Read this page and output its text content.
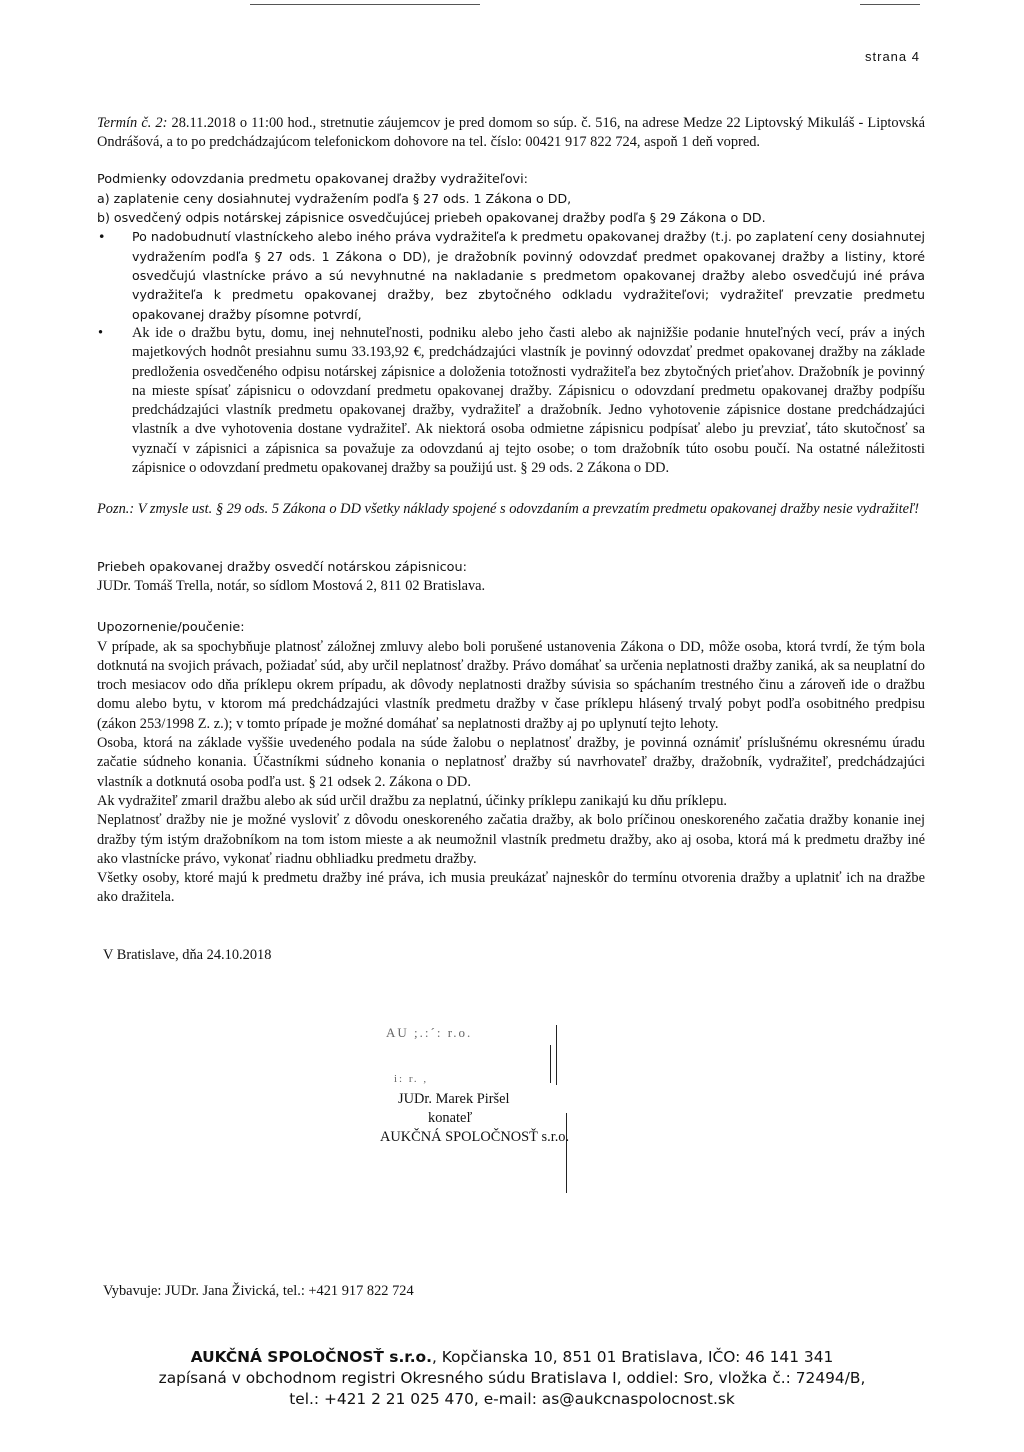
strana 4

Termín č. 2: 28.11.2018 o 11:00 hod., stretnutie záujemcov je pred domom so súp. č. 516, na adrese Medze 22 Liptovský Mikuláš - Liptovská Ondrášová, a to po predchádzajúcom telefonickom dohovore na tel. číslo: 00421 917 822 724, aspoň 1 deň vopred.

Podmienky odovzdania predmetu opakovanej dražby vydražiteľovi:

a) zaplatenie ceny dosiahnutej vydražením podľa § 27 ods. 1 Zákona o DD,

b) osvedčený odpis notárskej zápisnice osvedčujúcej priebeh opakovanej dražby podľa § 29 Zákona o DD.

• Po nadobudnutí vlastníckeho alebo iného práva vydražiteľa k predmetu opakovanej dražby (t.j. po zaplatení ceny dosiahnutej vydražením podľa § 27 ods. 1 Zákona o DD), je dražobník povinný odovzdať predmet opakovanej dražby a listiny, ktoré osvedčujú vlastnícke právo a sú nevyhnutné na nakladanie s predmetom opakovanej dražby alebo osvedčujú iné práva vydražiteľa k predmetu opakovanej dražby, bez zbytočného odkladu vydražiteľovi; vydražiteľ prevzatie predmetu opakovanej dražby písomne potvrdí,
• Ak ide o dražbu bytu, domu, inej nehnuteľnosti, podniku alebo jeho časti alebo ak najnižšie podanie hnuteľných vecí, práv a iných majetkových hodnôt presiahnu sumu 33.193,92 €, predchádzajúci vlastník je povinný odovzdať predmet opakovanej dražby na základe predloženia osvedčeného odpisu notárskej zápisnice a doloženia totožnosti vydražiteľa bez zbytočných prieťahov. Dražobník je povinný na mieste spísať zápisnicu o odovzdaní predmetu opakovanej dražby. Zápisnicu o odovzdaní predmetu opakovanej dražby podpíšu predchádzajúci vlastník predmetu opakovanej dražby, vydražiteľ a dražobník. Jedno vyhotovenie zápisnice dostane predchádzajúci vlastník a dve vyhotovenia dostane vydražiteľ. Ak niektorá osoba odmietne zápisnicu podpísať alebo ju prevziať, táto skutočnosť sa vyznačí v zápisnici a zápisnica sa považuje za odovzdanú aj tejto osobe; o tom dražobník túto osobu poučí. Na ostatné náležitosti zápisnice o odovzdaní predmetu opakovanej dražby sa použijú ust. § 29 ods. 2 Zákona o DD.

Pozn.: V zmysle ust. § 29 ods. 5 Zákona o DD všetky náklady spojené s odovzdaním a prevzatím predmetu opakovanej dražby nesie vydražiteľ!

Priebeh opakovanej dražby osvedčí notárskou zápisnicou:

JUDr. Tomáš Trella, notár, so sídlom Mostová 2, 811 02 Bratislava.

Upozornenie/poučenie:

V prípade, ak sa spochybňuje platnosť záložnej zmluvy alebo boli porušené ustanovenia Zákona o DD, môže osoba, ktorá tvrdí, že tým bola dotknutá na svojich právach, požiadať súd, aby určil neplatnosť dražby. Právo domáhať sa určenia neplatnosti dražby zaniká, ak sa neuplatní do troch mesiacov odo dňa príklepu okrem prípadu, ak dôvody neplatnosti dražby súvisia so spáchaním trestného činu a zároveň ide o dražbu domu alebo bytu, v ktorom má predchádzajúci vlastník predmetu dražby v čase príklepu hlásený trvalý pobyt podľa osobitného predpisu (zákon 253/1998 Z. z.); v tomto prípade je možné domáhať sa neplatnosti dražby aj po uplynutí tejto lehoty.

Osoba, ktorá na základe vyššie uvedeného podala na súde žalobu o neplatnosť dražby, je povinná oznámiť príslušnému okresnému úradu začatie súdneho konania. Účastníkmi súdneho konania o neplatnosť dražby sú navrhovateľ dražby, dražobník, vydražiteľ, predchádzajúci vlastník a dotknutá osoba podľa ust. § 21 odsek 2. Zákona o DD.

Ak vydražiteľ zmaril dražbu alebo ak súd určil dražbu za neplatnú, účinky príklepu zanikajú ku dňu príklepu.

Neplatnosť dražby nie je možné vysloviť z dôvodu oneskoreného začatia dražby, ak bolo príčinou oneskoreného začatia dražby konanie inej dražby tým istým dražobníkom na tom istom mieste a ak neumožnil vlastník predmetu dražby, ako aj osoba, ktorá má k predmetu dražby iné ako vlastnícke právo, vykonať riadnu obhliadku predmetu dražby.

Všetky osoby, ktoré majú k predmetu dražby iné práva, ich musia preukázať najneskôr do termínu otvorenia dražby a uplatniť ich na dražbe ako dražitela.

V Bratislave, dňa 24.10.2018

AU ;.:´: r.o.
i: r. ,
JUDr. Marek Piršel
konateľ
AUKČNÁ SPOLOČNOSŤ s.r.o.
Vybavuje: JUDr. Jana Živická, tel.: +421 917 822 724
AUKČNÁ SPOLOČNOSŤ s.r.o., Kopčianska 10, 851 01 Bratislava, IČO: 46 141 341
zapísaná v obchodnom registri Okresného súdu Bratislava I, oddiel: Sro, vložka č.: 72494/B,
tel.: +421 2 21 025 470, e-mail: as@aukcnaspolocnost.sk
